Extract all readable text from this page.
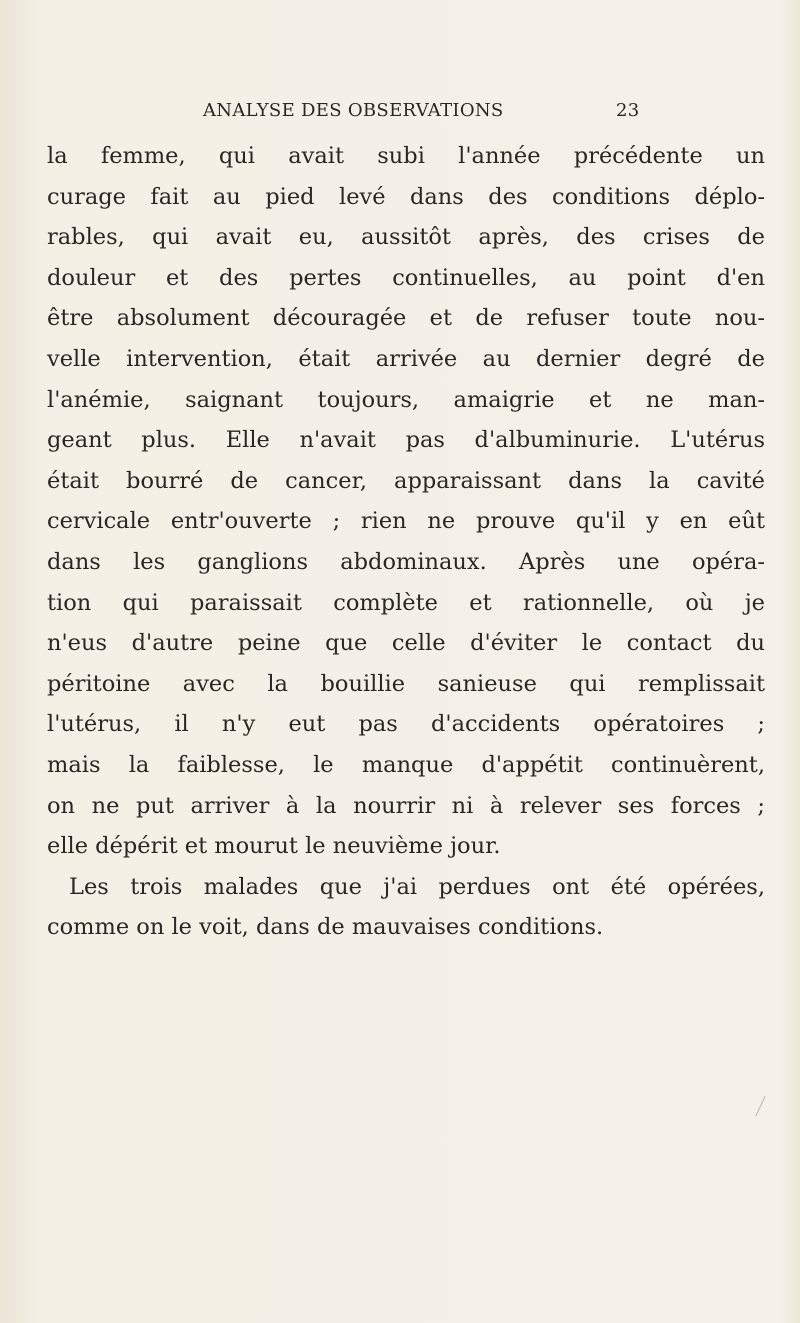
ANALYSE DES OBSERVATIONS	23
la femme, qui avait subi l'année précédente un
curage fait au pied levé dans des conditions déplo-
rables, qui avait eu, aussitôt après, des crises de
douleur et des pertes continuelles, au point d'en
être absolument découragée et de refuser toute nou-
velle intervention, était arrivée au dernier degré de
l'anémie, saignant toujours, amaigrie et ne man-
geant plus. Elle n'avait pas d'albuminurie. L'utérus
était bourré de cancer, apparaissant dans la cavité
cervicale entr'ouverte ; rien ne prouve qu'il y en eût
dans les ganglions abdominaux. Après une opéra-
tion qui paraissait complète et rationnelle, où je
n'eus d'autre peine que celle d'éviter le contact du
péritoine avec la bouillie sanieuse qui remplissait
l'utérus, il n'y eut pas d'accidents opératoires ;
mais la faiblesse, le manque d'appétit continuèrent,
on ne put arriver à la nourrir ni à relever ses forces ;
elle dépérit et mourut le neuvième jour.
Les trois malades que j'ai perdues ont été opérées,
comme on le voit, dans de mauvaises conditions.
